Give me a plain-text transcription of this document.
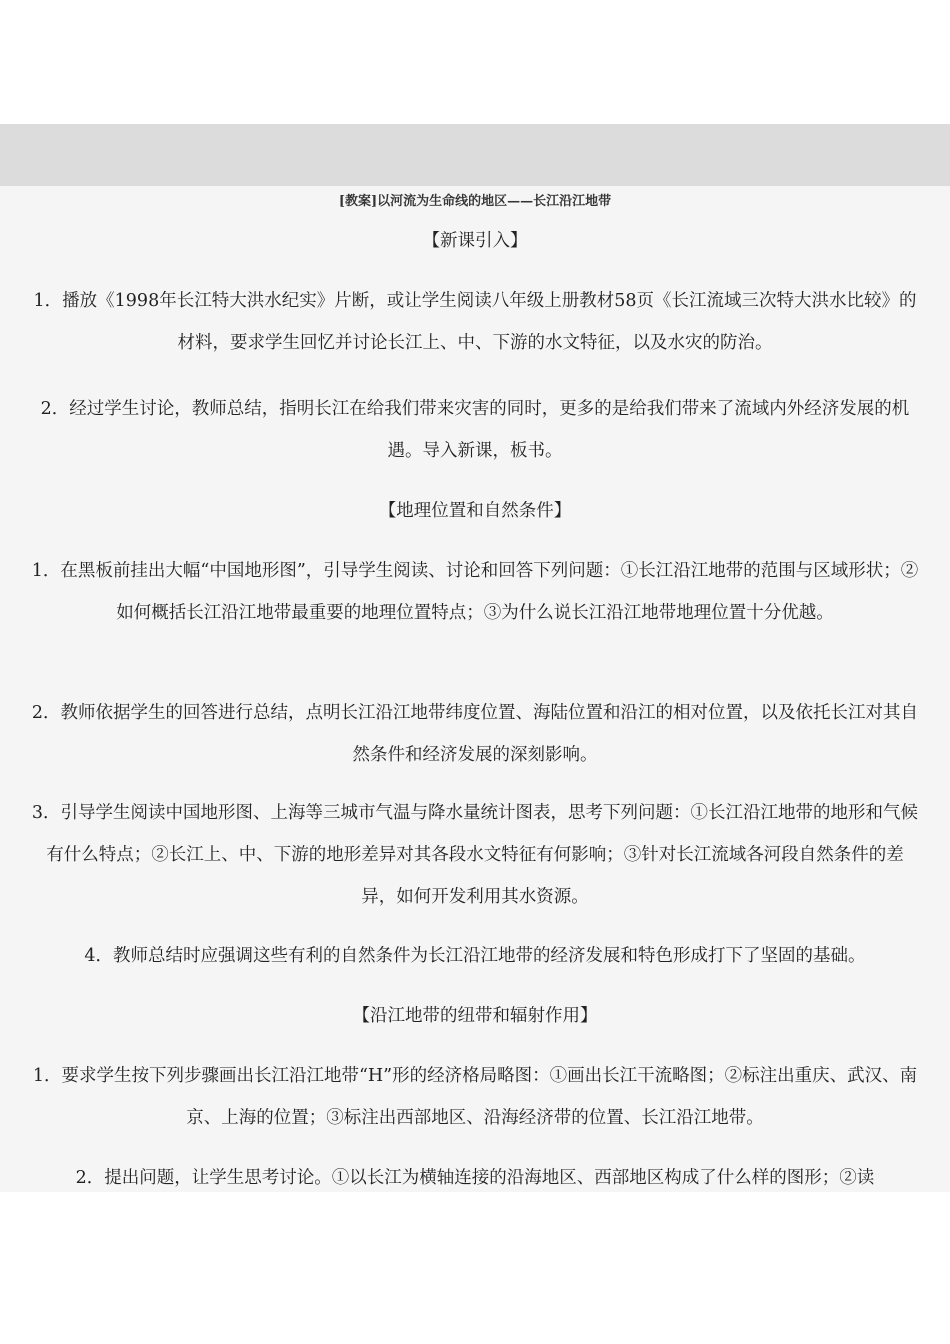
[教案]以河流为生命线的地区——长江沿江地带
【新课引入】
1．播放《1998年长江特大洪水纪实》片断，或让学生阅读八年级上册教材58页《长江流域三次特大洪水比较》的材料，要求学生回忆并讨论长江上、中、下游的水文特征，以及水灾的防治。
2．经过学生讨论，教师总结，指明长江在给我们带来灾害的同时，更多的是给我们带来了流域内外经济发展的机遇。导入新课，板书。
【地理位置和自然条件】
1．在黑板前挂出大幅“中国地形图”，引导学生阅读、讨论和回答下列问题：①长江沿江地带的范围与区域形状；②如何概括长江沿江地带最重要的地理位置特点；③为什么说长江沿江地带地理位置十分优越。
2．教师依据学生的回答进行总结，点明长江沿江地带纬度位置、海陆位置和沿江的相对位置，以及依托长江对其自然条件和经济发展的深刻影响。
3．引导学生阅读中国地形图、上海等三城市气温与降水量统计图表，思考下列问题：①长江沿江地带的地形和气候有什么特点；②长江上、中、下游的地形差异对其各段水文特征有何影响；③针对长江流域各河段自然条件的差异，如何开发利用其水资源。
4．教师总结时应强调这些有利的自然条件为长江沿江地带的经济发展和特色形成打下了坚固的基础。
【沿江地带的纽带和辐射作用】
1．要求学生按下列步骤画出长江沿江地带“H”形的经济格局略图：①画出长江干流略图；②标注出重庆、武汉、南京、上海的位置；③标注出西部地区、沿海经济带的位置、长江沿江地带。
2．提出问题，让学生思考讨论。①以长江为横轴连接的沿海地区、西部地区构成了什么样的图形；②读
